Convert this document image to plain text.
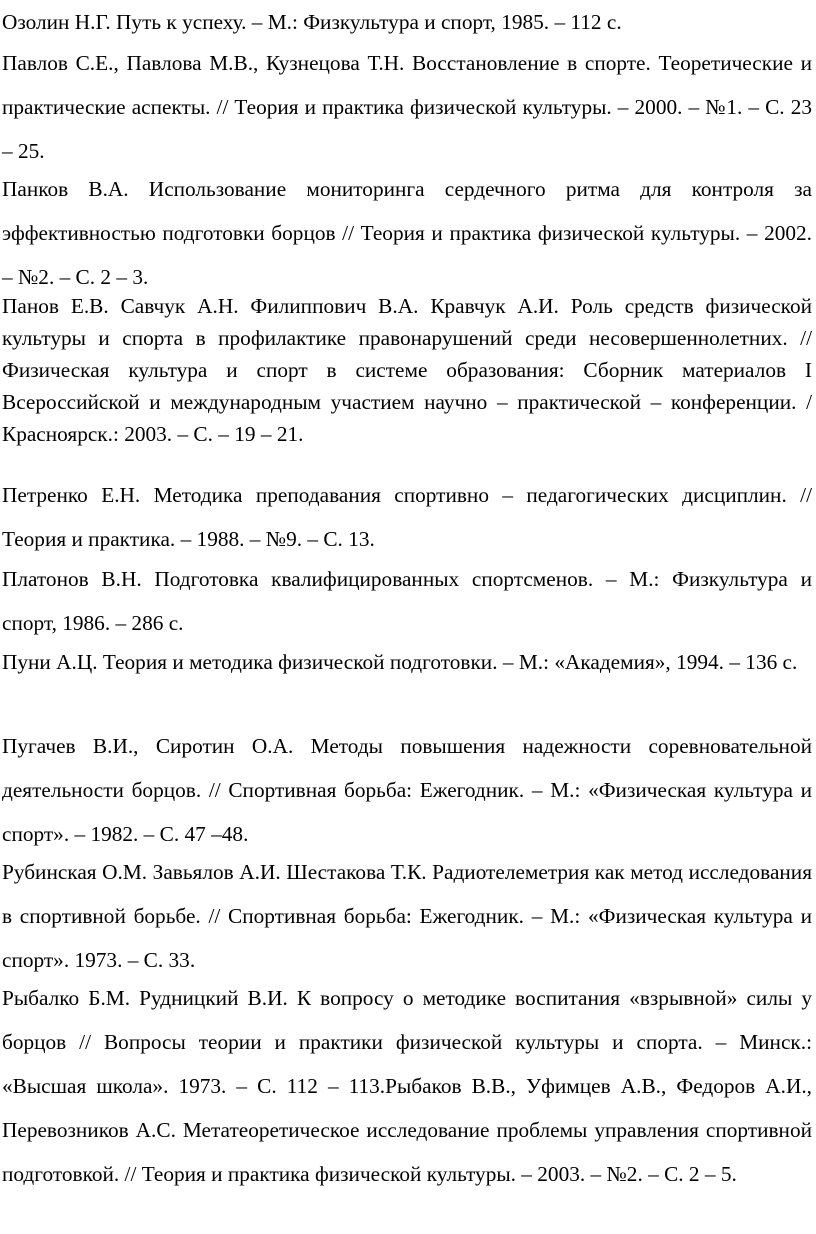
Озолин Н.Г. Путь к успеху. – М.: Физкультура и спорт, 1985. – 112 с.

Павлов С.Е., Павлова М.В., Кузнецова Т.Н. Восстановление в спорте. Теоретические и практические аспекты. // Теория и практика физической культуры. – 2000. – №1. – С. 23 – 25.

Панков В.А. Использование мониторинга сердечного ритма для контроля за эффективностью подготовки борцов // Теория и практика физической культуры. – 2002. – №2. – С. 2 – 3.

Панов Е.В. Савчук А.Н. Филиппович В.А. Кравчук А.И. Роль средств физической культуры и спорта в профилактике правонарушений среди несовершеннолетних. // Физическая культура и спорт в системе образования: Сборник материалов I Всероссийской и международным участием научно – практической – конференции. / Красноярск.: 2003. – С. – 19 – 21.

Петренко Е.Н. Методика преподавания спортивно – педагогических дисциплин. // Теория и практика. – 1988. – №9. – С. 13.

Платонов В.Н. Подготовка квалифицированных спортсменов. – М.: Физкультура и спорт, 1986. – 286 с.

Пуни А.Ц. Теория и методика физической подготовки. – М.: «Академия», 1994. – 136 с.

Пугачев В.И., Сиротин О.А. Методы повышения надежности соревновательной деятельности борцов. // Спортивная борьба: Ежегодник. – М.: «Физическая культура и спорт». – 1982. – С. 47 –48.

Рубинская О.М. Завьялов А.И. Шестакова Т.К. Радиотелеметрия как метод исследования в спортивной борьбе. // Спортивная борьба: Ежегодник. – М.: «Физическая культура и спорт». 1973. – С. 33.

Рыбалко Б.М. Рудницкий В.И. К вопросу о методике воспитания «взрывной» силы у борцов // Вопросы теории и практики физической культуры и спорта. – Минск.: «Высшая школа». 1973. – С. 112 – 113.Рыбаков В.В., Уфимцев А.В., Федоров А.И., Перевозников А.С. Метатеоретическое исследование проблемы управления спортивной подготовкой. // Теория и практика физической культуры. – 2003. – №2. – С. 2 – 5.
